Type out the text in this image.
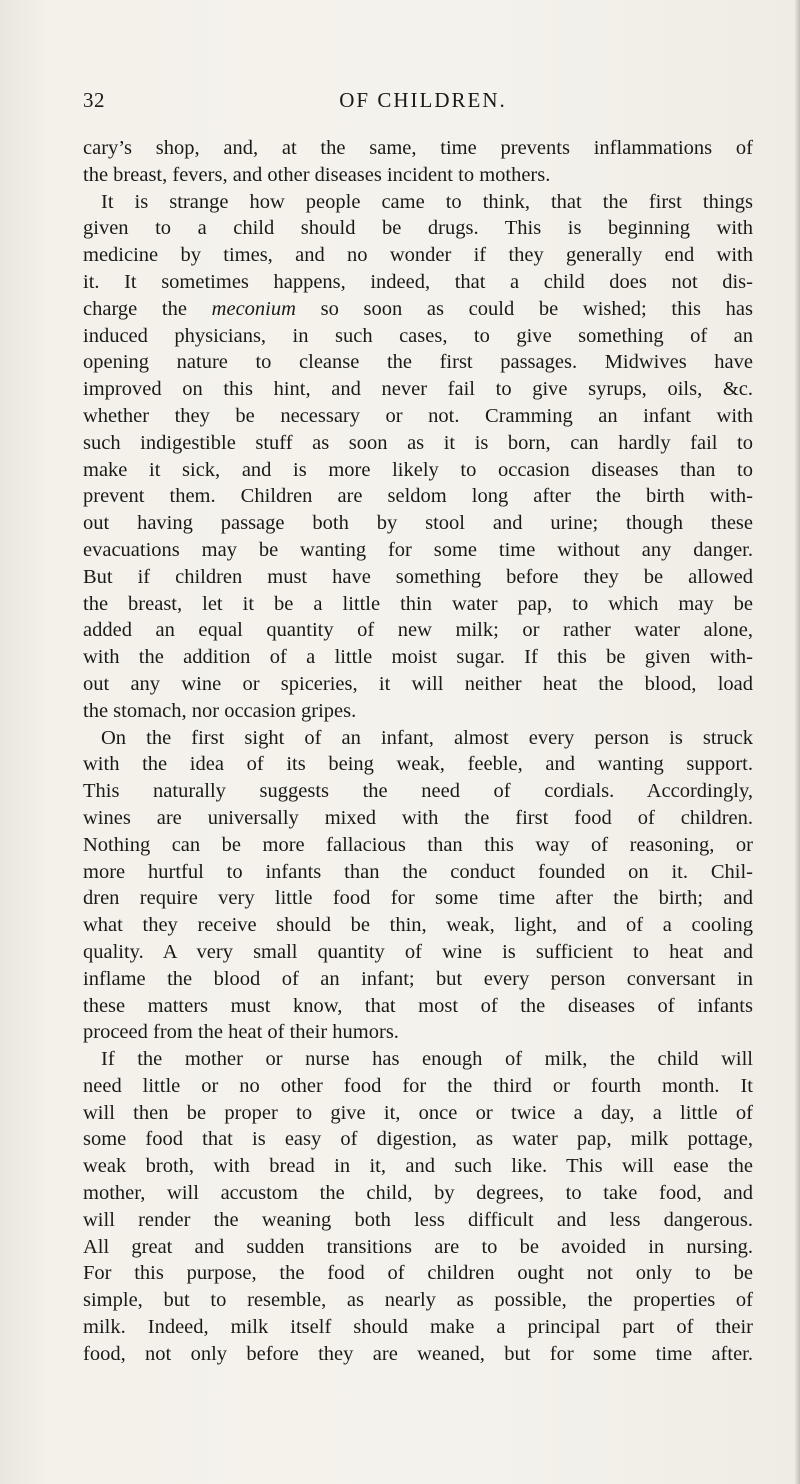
32	OF CHILDREN.
cary’s shop, and, at the same, time prevents inflammations of
the breast, fevers, and other diseases incident to mothers.
It is strange how people came to think, that the first things
given to a child should be drugs. This is beginning with
medicine by times, and no wonder if they generally end with
it. It sometimes happens, indeed, that a child does not dis-
charge the meconium so soon as could be wished; this has
induced physicians, in such cases, to give something of an
opening nature to cleanse the first passages. Midwives have
improved on this hint, and never fail to give syrups, oils, &c.
whether they be necessary or not. Cramming an infant with
such indigestible stuff as soon as it is born, can hardly fail to
make it sick, and is more likely to occasion diseases than to
prevent them. Children are seldom long after the birth with-
out having passage both by stool and urine; though these
evacuations may be wanting for some time without any danger.
But if children must have something before they be allowed
the breast, let it be a little thin water pap, to which may be
added an equal quantity of new milk; or rather water alone,
with the addition of a little moist sugar. If this be given with-
out any wine or spiceries, it will neither heat the blood, load
the stomach, nor occasion gripes.
On the first sight of an infant, almost every person is struck
with the idea of its being weak, feeble, and wanting support.
This naturally suggests the need of cordials. Accordingly,
wines are universally mixed with the first food of children.
Nothing can be more fallacious than this way of reasoning, or
more hurtful to infants than the conduct founded on it. Chil-
dren require very little food for some time after the birth; and
what they receive should be thin, weak, light, and of a cooling
quality. A very small quantity of wine is sufficient to heat and
inflame the blood of an infant; but every person conversant in
these matters must know, that most of the diseases of infants
proceed from the heat of their humors.
If the mother or nurse has enough of milk, the child will
need little or no other food for the third or fourth month. It
will then be proper to give it, once or twice a day, a little of
some food that is easy of digestion, as water pap, milk pottage,
weak broth, with bread in it, and such like. This will ease the
mother, will accustom the child, by degrees, to take food, and
will render the weaning both less difficult and less dangerous.
All great and sudden transitions are to be avoided in nursing.
For this purpose, the food of children ought not only to be
simple, but to resemble, as nearly as possible, the properties of
milk. Indeed, milk itself should make a principal part of their
food, not only before they are weaned, but for some time after.
